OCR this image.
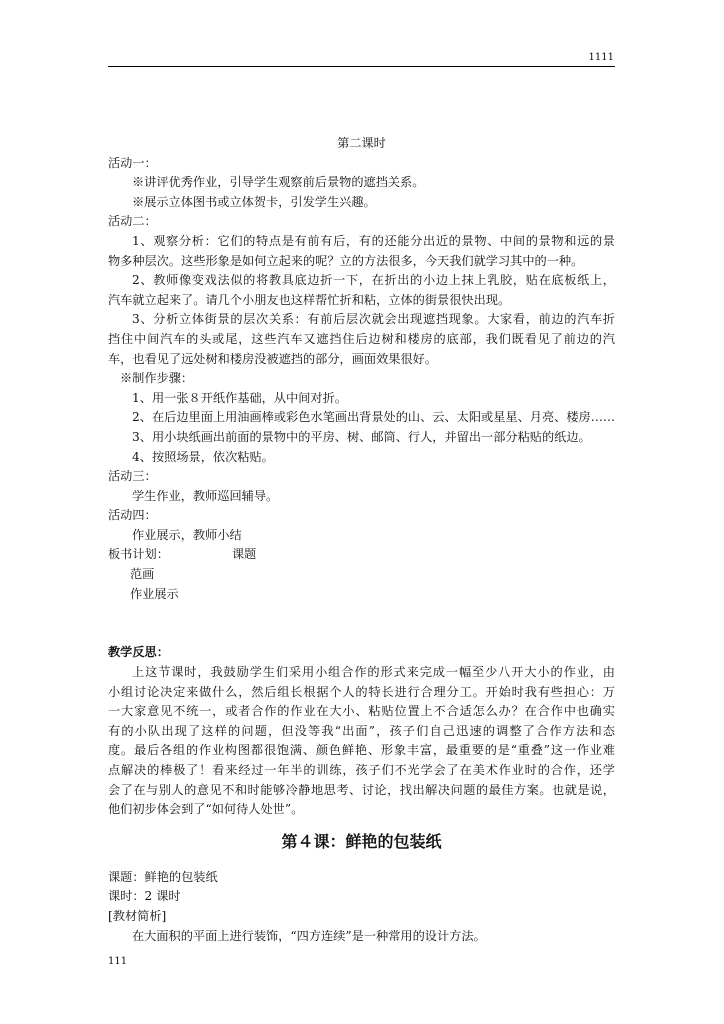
1111
第二课时
活动一：
※讲评优秀作业，引导学生观察前后景物的遮挡关系。
※展示立体图书或立体贺卡，引发学生兴趣。
活动二：
1、观察分析：它们的特点是有前有后，有的还能分出近的景物、中间的景物和远的景
物多种层次。这些形象是如何立起来的呢？立的方法很多，今天我们就学习其中的一种。
2、教师像变戏法似的将教具底边折一下，在折出的小边上抹上乳胶，贴在底板纸上，
汽车就立起来了。请几个小朋友也这样帮忙折和粘，立体的街景很快出现。
3、分析立体街景的层次关系：有前后层次就会出现遮挡现象。大家看，前边的汽车折
挡住中间汽车的头或尾，这些汽车又遮挡住后边树和楼房的底部，我们既看见了前边的汽
车，也看见了远处树和楼房没被遮挡的部分，画面效果很好。
※制作步骤：
1、用一张８开纸作基础，从中间对折。
2、在后边里面上用油画棒或彩色水笔画出背景处的山、云、太阳或星星、月亮、楼房……
3、用小块纸画出前面的景物中的平房、树、邮筒、行人，并留出一部分粘贴的纸边。
4、按照场景，依次粘贴。
活动三：
学生作业，教师巡回辅导。
活动四：
作业展示，教师小结
板书计划：	课题
范画
作业展示
教学反思：
上这节课时，我鼓励学生们采用小组合作的形式来完成一幅至少八开大小的作业，由
小组讨论决定来做什么，然后组长根据个人的特长进行合理分工。开始时我有些担心：万
一大家意见不统一，或者合作的作业在大小、粘贴位置上不合适怎么办？在合作中也确实
有的小队出现了这样的问题，但没等我“出面”，孩子们自己迅速的调整了合作方法和态
度。最后各组的作业构图都很饱满、颜色鲜艳、形象丰富，最重要的是“重叠”这一作业难
点解决的棒极了！看来经过一年半的训练，孩子们不光学会了在美术作业时的合作，还学
会了在与别人的意见不和时能够冷静地思考、讨论，找出解决问题的最佳方案。也就是说，
他们初步体会到了“如何待人处世”。
第４课：鲜艳的包装纸
课题：鲜艳的包装纸
课时：2 课时
[教材简析]
在大面积的平面上进行装饰，“四方连续”是一种常用的设计方法。
111
